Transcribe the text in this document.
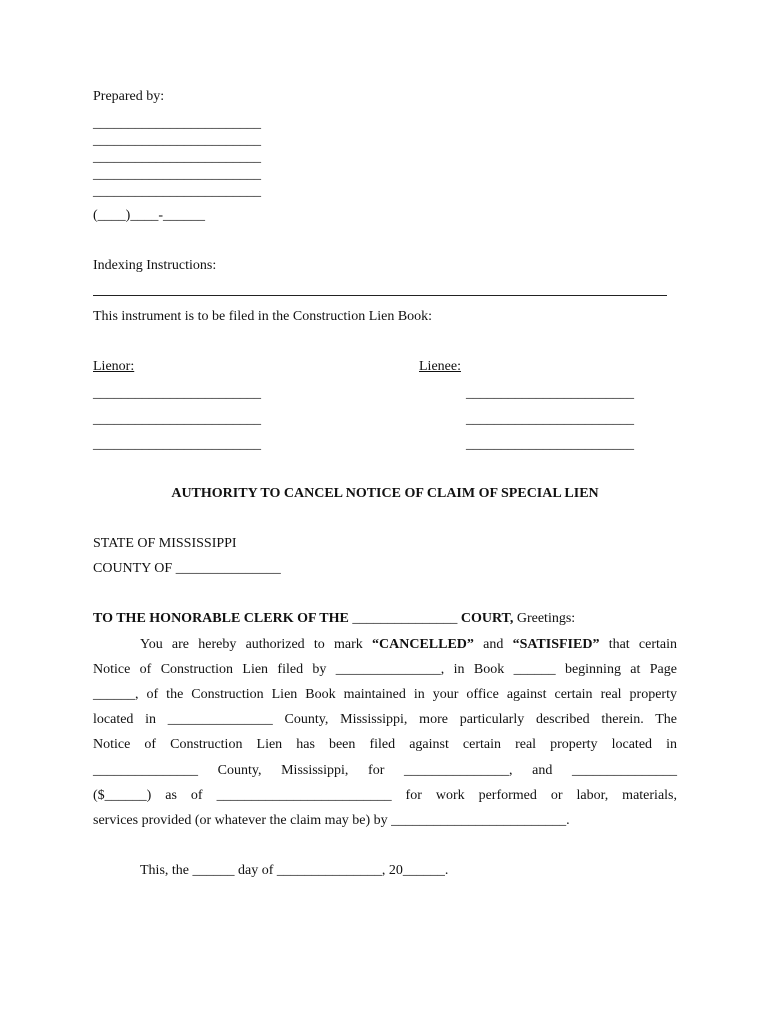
Prepared by:
________________________
________________________
________________________
________________________
________________________
(____)____-______
Indexing Instructions:
This instrument is to be filed in the Construction Lien Book:
Lienor:	Lienee:
________________________
________________________
________________________
________________________
________________________
________________________
AUTHORITY TO CANCEL NOTICE OF CLAIM OF SPECIAL LIEN
STATE OF MISSISSIPPI
COUNTY OF _______________
TO THE HONORABLE CLERK OF THE _______________ COURT, Greetings:
You are hereby authorized to mark “CANCELLED” and “SATISFIED” that certain
Notice of Construction Lien filed by _______________, in Book ______ beginning at Page
______, of the Construction Lien Book maintained in your office against certain real property
located in _______________ County, Mississippi, more particularly described therein. The
Notice of Construction Lien has been filed against certain real property located in
_______________ County, Mississippi, for _______________, and _______________
($______) as of _________________________ for work performed or labor, materials,
services provided (or whatever the claim may be) by _________________________.
This, the ______ day of _______________, 20______.
